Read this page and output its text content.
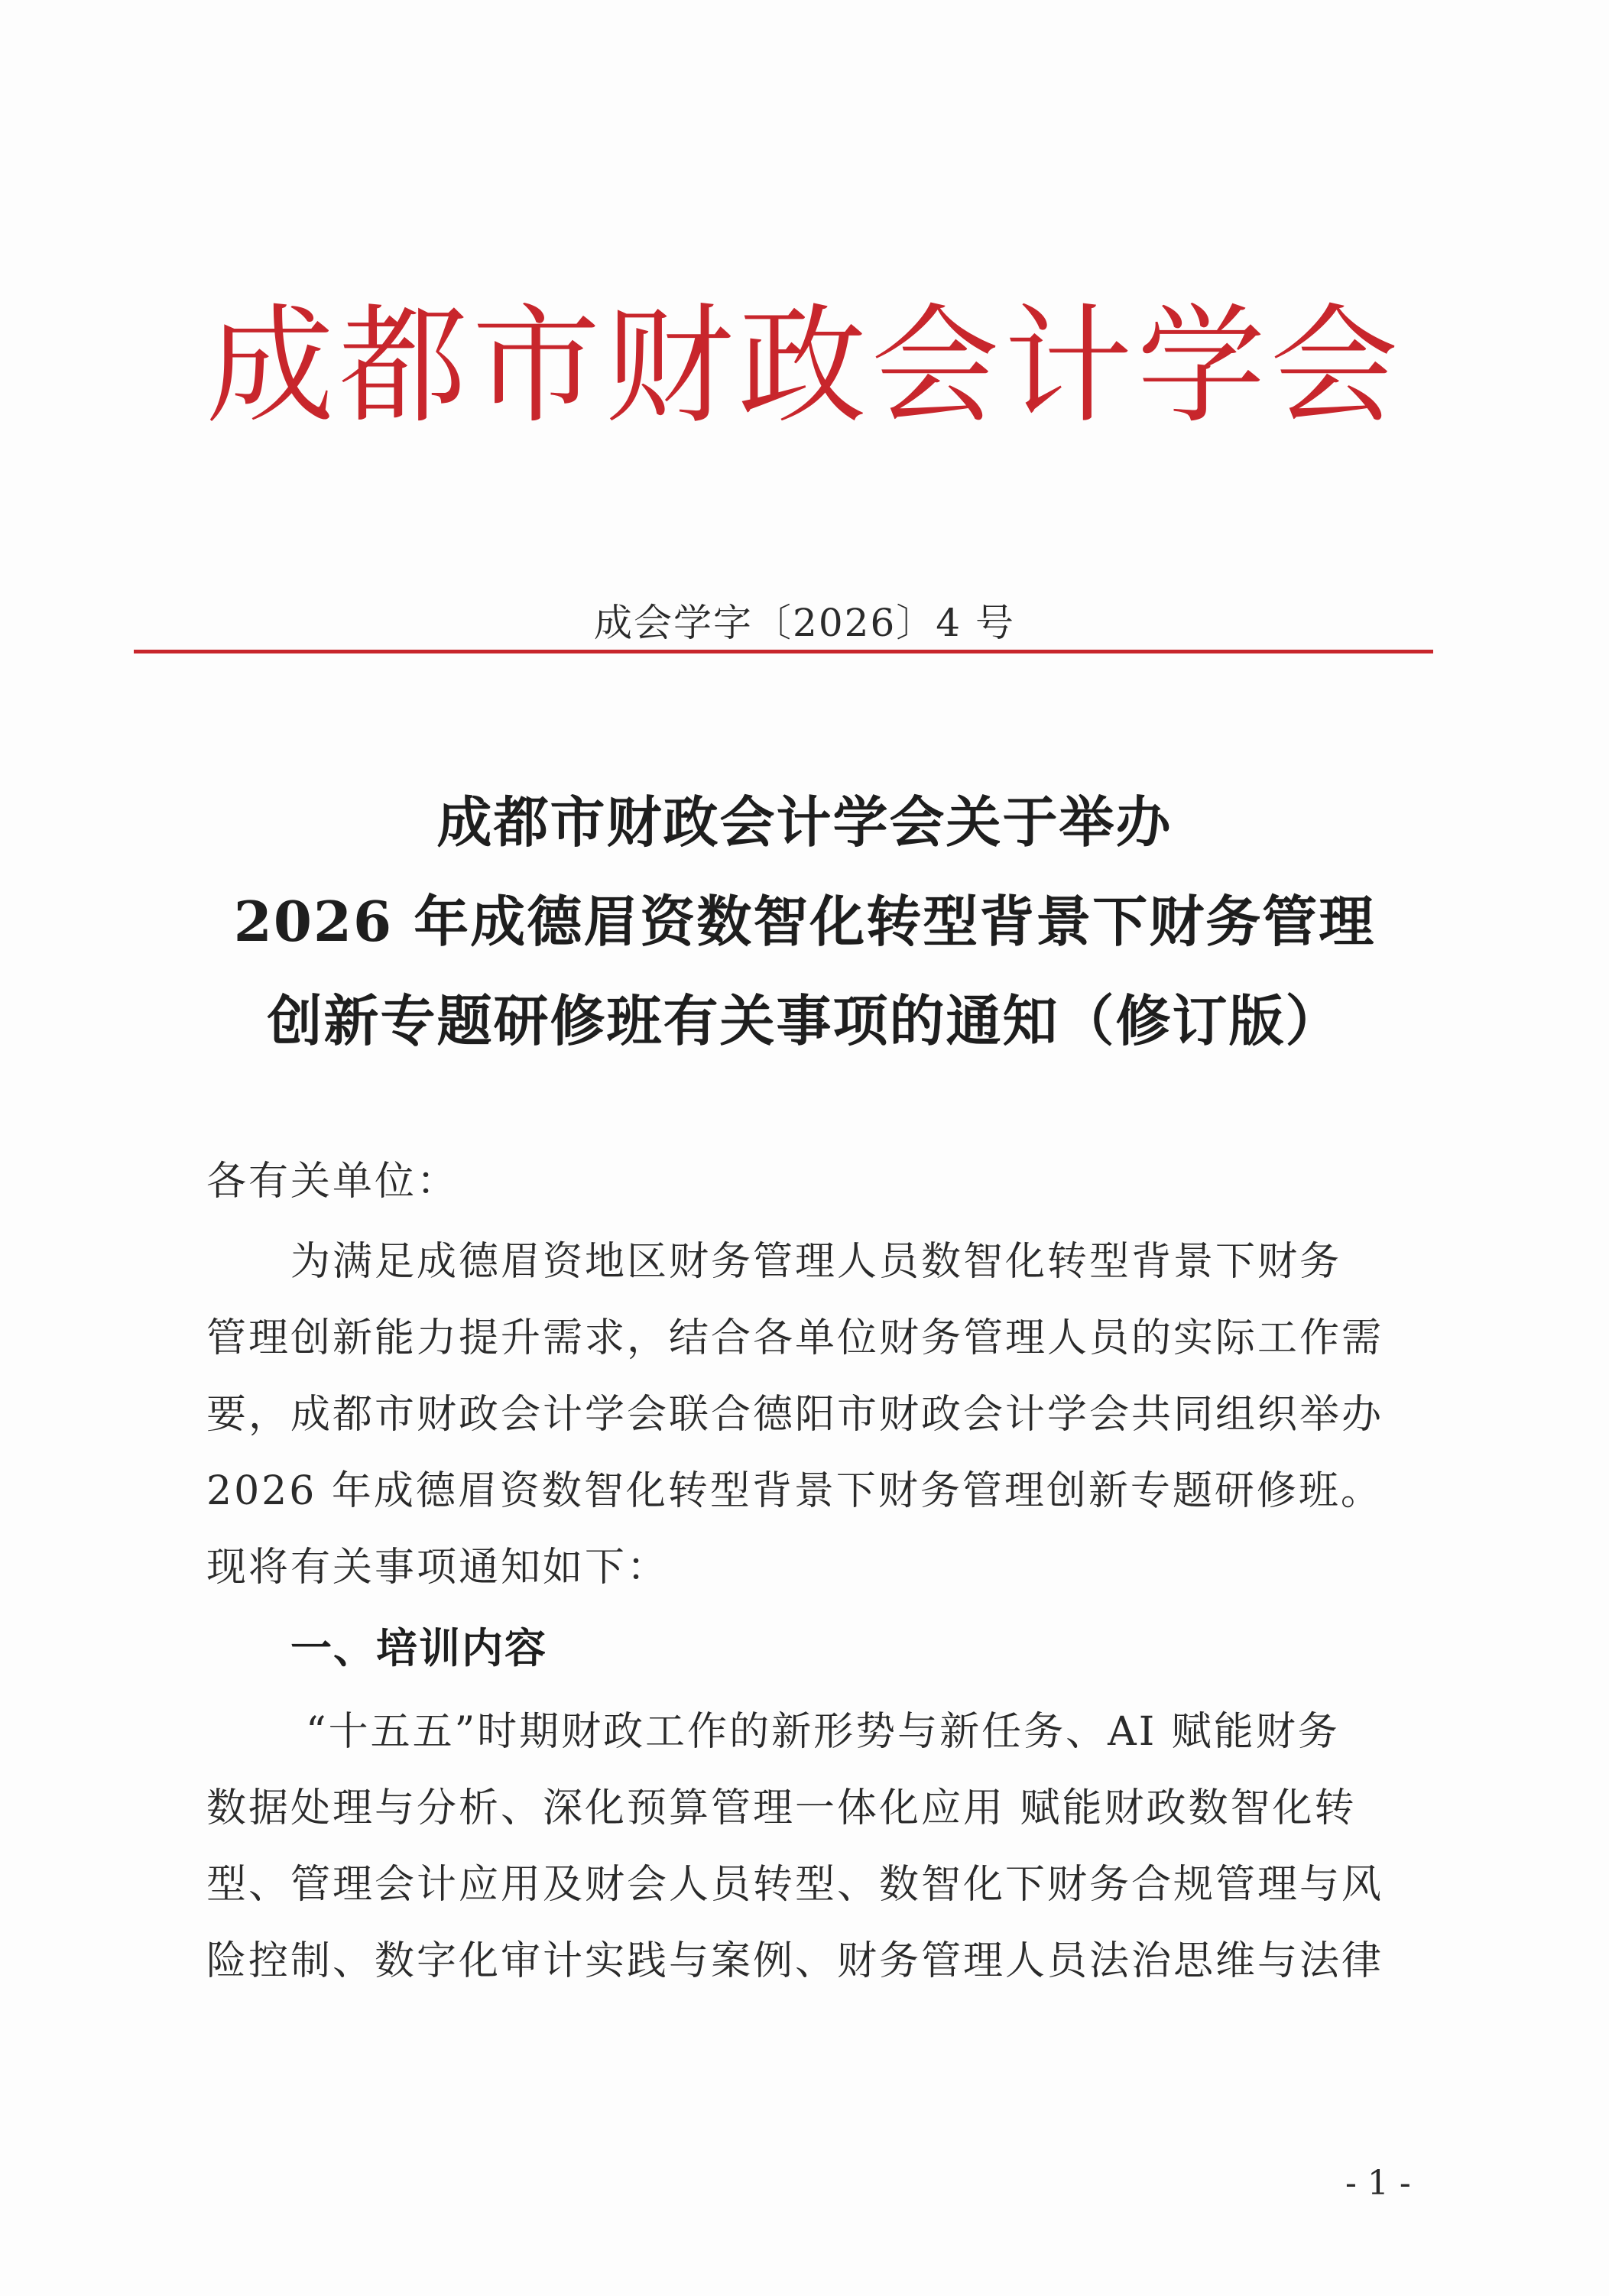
成都市财政会计学会
成会学字〔2026〕4 号
成都市财政会计学会关于举办
2026 年成德眉资数智化转型背景下财务管理
创新专题研修班有关事项的通知（修订版）
各有关单位：
为满足成德眉资地区财务管理人员数智化转型背景下财务
管理创新能力提升需求，结合各单位财务管理人员的实际工作需
要，成都市财政会计学会联合德阳市财政会计学会共同组织举办
2026 年成德眉资数智化转型背景下财务管理创新专题研修班。
现将有关事项通知如下：
一、培训内容
“十五五”时期财政工作的新形势与新任务、AI 赋能财务
数据处理与分析、深化预算管理一体化应用 赋能财政数智化转
型、管理会计应用及财会人员转型、数智化下财务合规管理与风
险控制、数字化审计实践与案例、财务管理人员法治思维与法律
- 1 -
